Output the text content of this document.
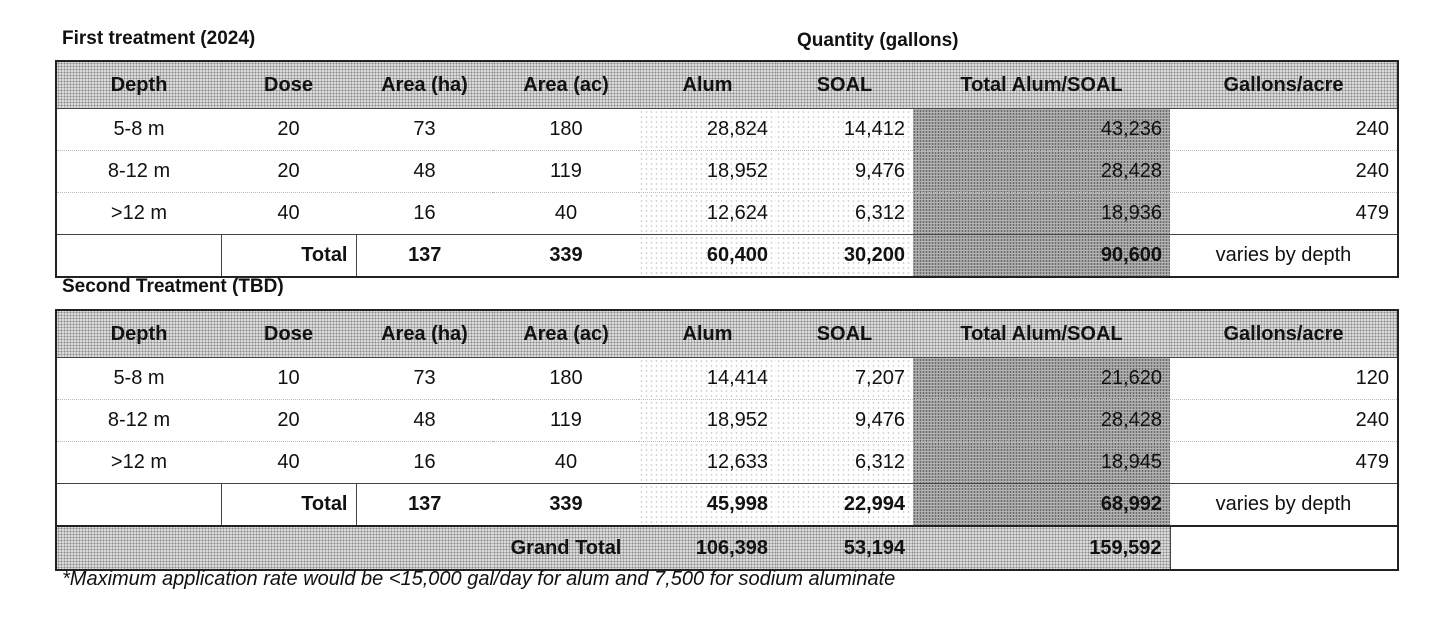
First treatment (2024)	Quantity (gallons)
Depth	Dose	Area (ha)	Area (ac)	Alum	SOAL	Total Alum/SOAL	Gallons/acre
5-8 m	20	73	180	28,824	14,412	43,236	240
8-12 m	20	48	119	18,952	9,476	28,428	240
>12 m	40	16	40	12,624	6,312	18,936	479
	Total	137	339	60,400	30,200	90,600	varies by depth
Second Treatment (TBD)
Depth	Dose	Area (ha)	Area (ac)	Alum	SOAL	Total Alum/SOAL	Gallons/acre
5-8 m	10	73	180	14,414	7,207	21,620	120
8-12 m	20	48	119	18,952	9,476	28,428	240
>12 m	40	16	40	12,633	6,312	18,945	479
	Total	137	339	45,998	22,994	68,992	varies by depth
			Grand Total	106,398	53,194	159,592	
*Maximum application rate would be <15,000 gal/day for alum and 7,500 for sodium aluminate
